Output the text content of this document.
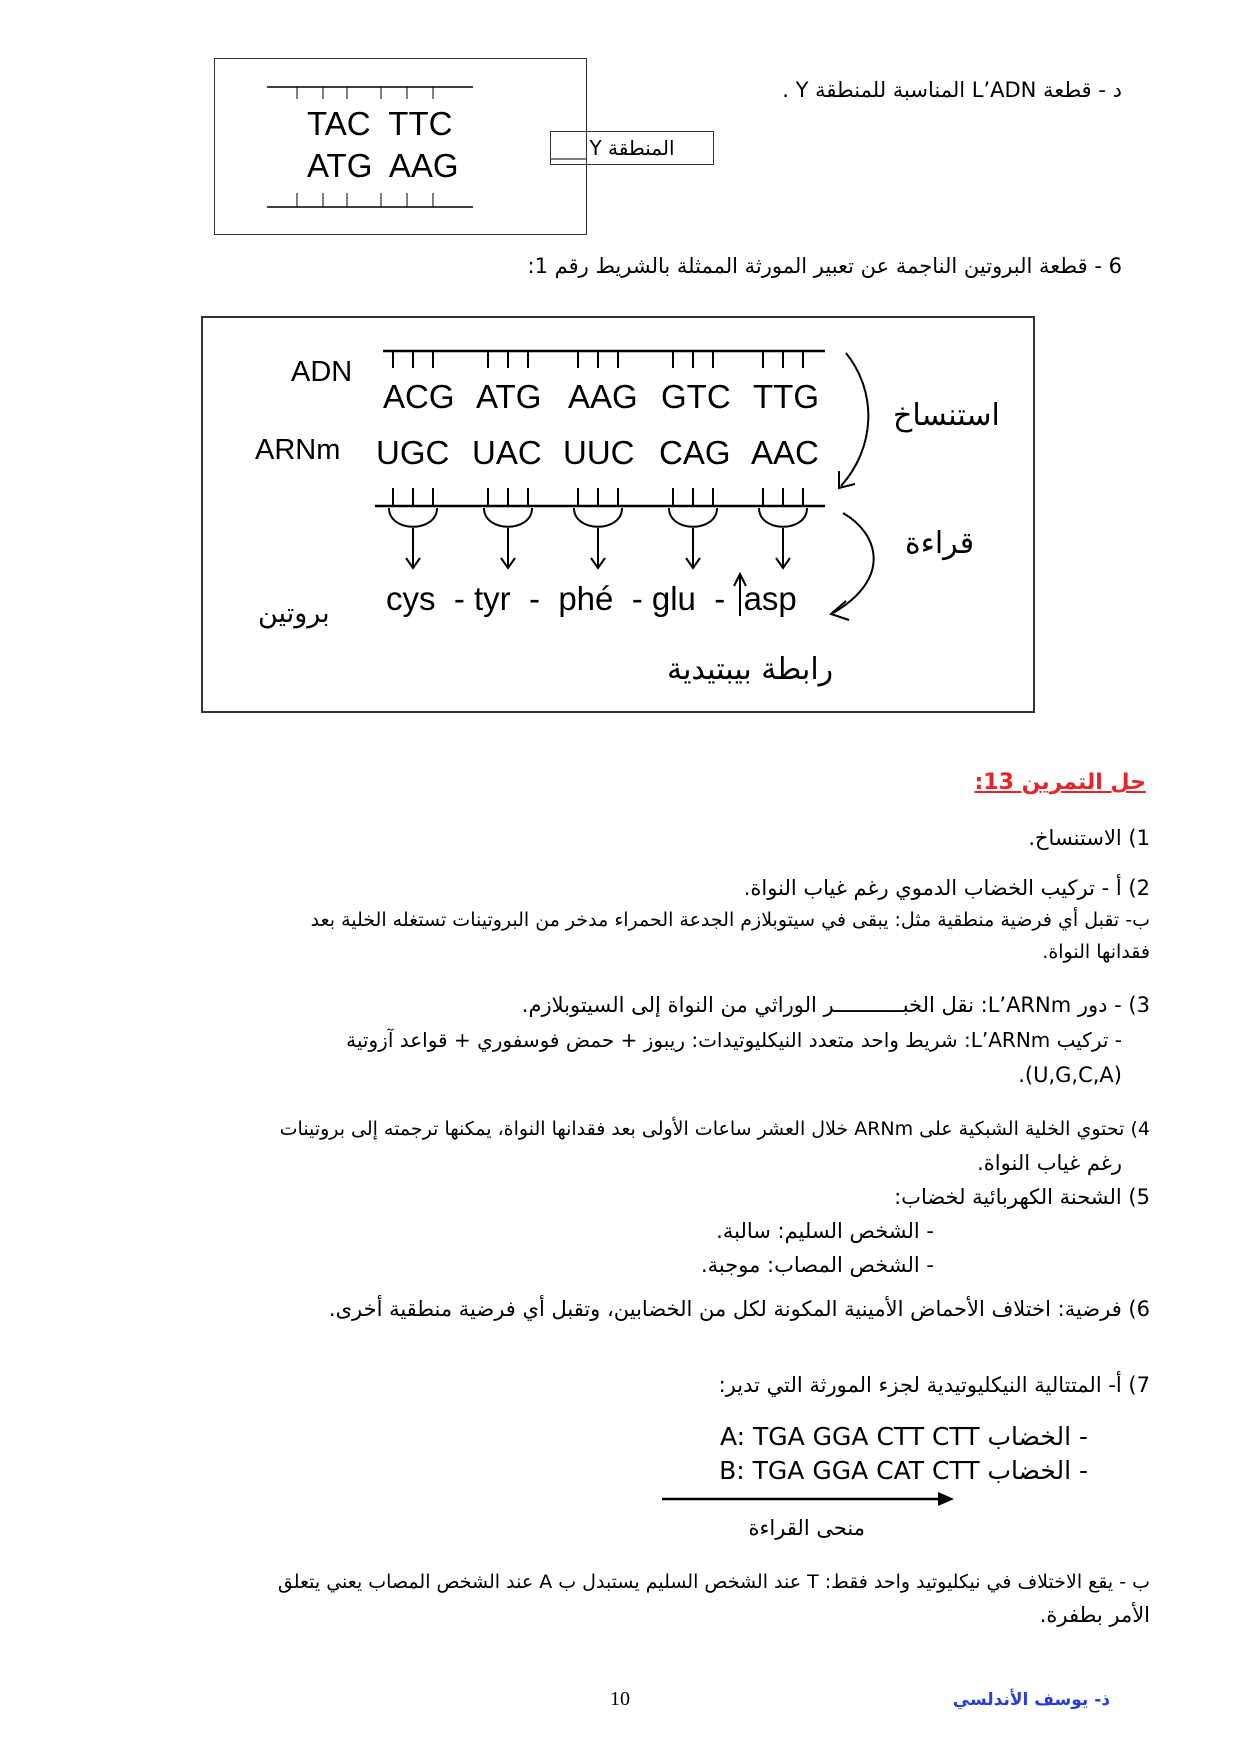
TAC  TTC
ATG  AAG	المنطقة Y
د - قطعة L’ADN المناسبة للمنطقة Y .
6 - قطعة البروتين الناجمة عن تعبير المورثة الممثلة بالشريط رقم 1:
ADN
ARNm
ACG ATG AAG GTC TTG
UGC UAC UUC CAG AAC
cys  - tyr  -  phé  - glu  -  asp
استنساخ
قراءة
بروتين
رابطة بيبتيدية
حل التمرين 13:
1) الاستنساخ.
2) أ - تركيب الخضاب الدموي رغم غياب النواة.
ب- تقبل أي فرضية منطقية مثل: يبقى في سيتوبلازم الجدعة الحمراء مدخر من البروتينات تستغله الخلية بعد
فقدانها النواة.
3) - دور L’ARNm: نقل الخبـــــــــــر الوراثي من النواة إلى السيتوبلازم.
- تركيب L’ARNm: شريط واحد متعدد النيكليوتيدات: ريبوز + حمض فوسفوري + قواعد آزوتية
(U,G,C,A).
4) تحتوي الخلية الشبكية على ARNm خلال العشر ساعات الأولى بعد فقدانها النواة، يمكنها ترجمته إلى بروتينات
رغم غياب النواة.
5) الشحنة الكهربائية لخضاب:
- الشخص السليم: سالبة.
- الشخص المصاب: موجبة.
6) فرضية: اختلاف الأحماض الأمينية المكونة لكل من الخضابين، وتقبل أي فرضية منطقية أخرى.
7) أ- المتتالية النيكليوتيدية لجزء المورثة التي تدير:
- الخضاب A: TGA GGA CTT CTT
- الخضاب B: TGA GGA CAT CTT
منحى القراءة
ب - يقع الاختلاف في نيكليوتيد واحد فقط: T عند الشخص السليم يستبدل ب A عند الشخص المصاب يعني يتعلق
الأمر بطفرة.
10	ذ- يوسف الأندلسي
